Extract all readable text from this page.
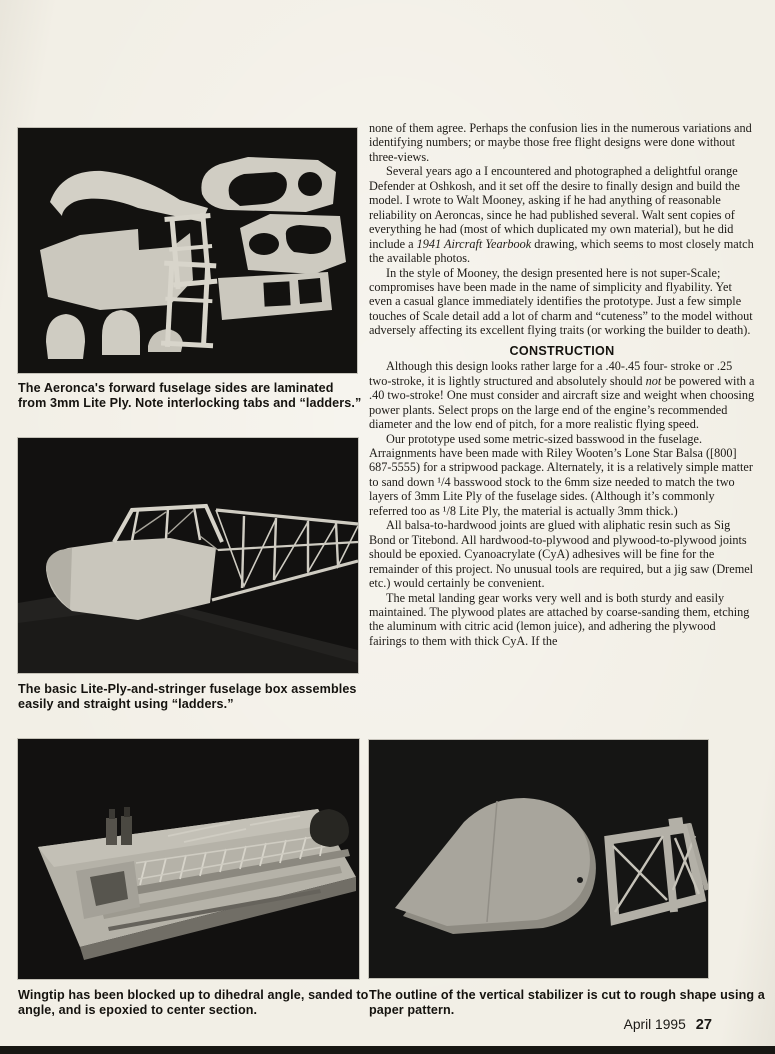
The Aeronca's forward fuselage sides are laminated from 3mm Lite Ply. Note interlocking tabs and “ladders.”
The basic Lite-Ply-and-stringer fuselage box assembles easily and straight using “ladders.”
Wingtip has been blocked up to dihedral angle, sanded to angle, and is epoxied to center section.
The outline of the vertical stabilizer is cut to rough shape using a paper pattern.

none of them agree. Perhaps the confusion lies in the numerous variations and identifying numbers; or maybe those free flight designs were done without three-views.

Several years ago a I encountered and photographed a delightful orange Defender at Oshkosh, and it set off the desire to finally design and build the model. I wrote to Walt Mooney, asking if he had anything of reasonable reliability on Aeroncas, since he had published several. Walt sent copies of everything he had (most of which duplicated my own material), but he did include a 1941 Aircraft Yearbook drawing, which seems to most closely match the available photos.

In the style of Mooney, the design presented here is not super-Scale; compromises have been made in the name of simplicity and flyability. Yet even a casual glance immediately identifies the prototype. Just a few simple touches of Scale detail add a lot of charm and “cuteness” to the model without adversely affecting its excellent flying traits (or working the builder to death).

CONSTRUCTION

Although this design looks rather large for a .40-.45 four- stroke or .25 two-stroke, it is lightly structured and absolutely should not be powered with a .40 two-stroke! One must consider and aircraft size and weight when choosing power plants. Select props on the large end of the engine’s recommended diameter and the low end of pitch, for a more realistic flying speed.

Our prototype used some metric-sized basswood in the fuselage. Arraignments have been made with Riley Wooten’s Lone Star Balsa ([800] 687-5555) for a stripwood package. Alternately, it is a relatively simple matter to sand down ¹/4 basswood stock to the 6mm size needed to match the two layers of 3mm Lite Ply of the fuselage sides. (Although it’s commonly referred too as ¹/8 Lite Ply, the material is actually 3mm thick.)

All balsa-to-hardwood joints are glued with aliphatic resin such as Sig Bond or Titebond. All hardwood-to-plywood and plywood-to-plywood joints should be epoxied. Cyanoacrylate (CyA) adhesives will be fine for the remainder of this project. No unusual tools are required, but a jig saw (Dremel etc.) would certainly be convenient.

The metal landing gear works very well and is both sturdy and easily maintained. The plywood plates are attached by coarse-sanding them, etching the aluminum with citric acid (lemon juice), and adhering the plywood fairings to them with thick CyA. If the

April 1995 27
